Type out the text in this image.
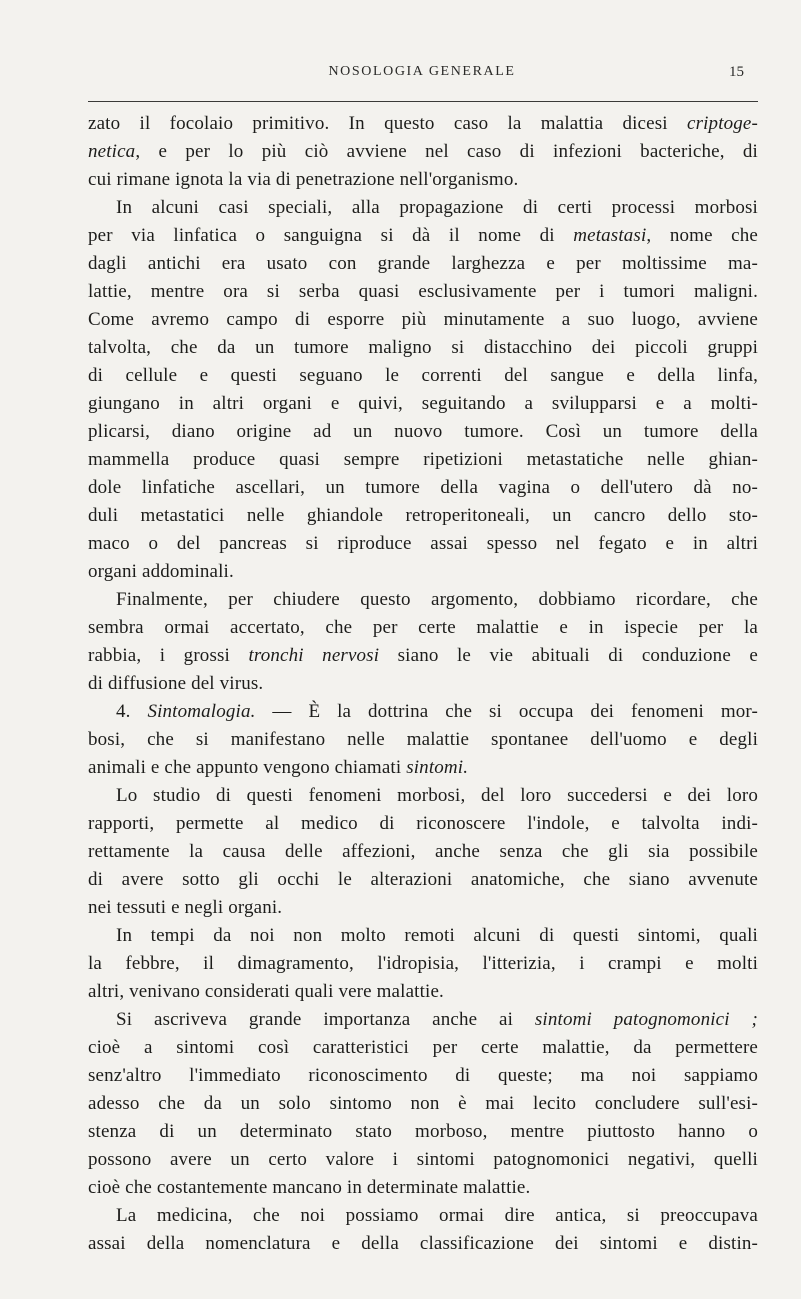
NOSOLOGIA GENERALE	15
zato il focolaio primitivo. In questo caso la malattia dicesi criptoge-
netica, e per lo più ciò avviene nel caso di infezioni bacteriche, di
cui rimane ignota la via di penetrazione nell'organismo.
In alcuni casi speciali, alla propagazione di certi processi morbosi
per via linfatica o sanguigna si dà il nome di metastasi, nome che
dagli antichi era usato con grande larghezza e per moltissime ma-
lattie, mentre ora si serba quasi esclusivamente per i tumori maligni.
Come avremo campo di esporre più minutamente a suo luogo, avviene
talvolta, che da un tumore maligno si distacchino dei piccoli gruppi
di cellule e questi seguano le correnti del sangue e della linfa,
giungano in altri organi e quivi, seguitando a svilupparsi e a molti-
plicarsi, diano origine ad un nuovo tumore. Così un tumore della
mammella produce quasi sempre ripetizioni metastatiche nelle ghian-
dole linfatiche ascellari, un tumore della vagina o dell'utero dà no-
duli metastatici nelle ghiandole retroperitoneali, un cancro dello sto-
maco o del pancreas si riproduce assai spesso nel fegato e in altri
organi addominali.
Finalmente, per chiudere questo argomento, dobbiamo ricordare, che
sembra ormai accertato, che per certe malattie e in ispecie per la
rabbia, i grossi tronchi nervosi siano le vie abituali di conduzione e
di diffusione del virus.
4. Sintomalogia. — È la dottrina che si occupa dei fenomeni mor-
bosi, che si manifestano nelle malattie spontanee dell'uomo e degli
animali e che appunto vengono chiamati sintomi.
Lo studio di questi fenomeni morbosi, del loro succedersi e dei loro
rapporti, permette al medico di riconoscere l'indole, e talvolta indi-
rettamente la causa delle affezioni, anche senza che gli sia possibile
di avere sotto gli occhi le alterazioni anatomiche, che siano avvenute
nei tessuti e negli organi.
In tempi da noi non molto remoti alcuni di questi sintomi, quali
la febbre, il dimagramento, l'idropisia, l'itterizia, i crampi e molti
altri, venivano considerati quali vere malattie.
Si ascriveva grande importanza anche ai sintomi patognomonici ;
cioè a sintomi così caratteristici per certe malattie, da permettere
senz'altro l'immediato riconoscimento di queste; ma noi sappiamo
adesso che da un solo sintomo non è mai lecito concludere sull'esi-
stenza di un determinato stato morboso, mentre piuttosto hanno o
possono avere un certo valore i sintomi patognomonici negativi, quelli
cioè che costantemente mancano in determinate malattie.
La medicina, che noi possiamo ormai dire antica, si preoccupava
assai della nomenclatura e della classificazione dei sintomi e distin-
